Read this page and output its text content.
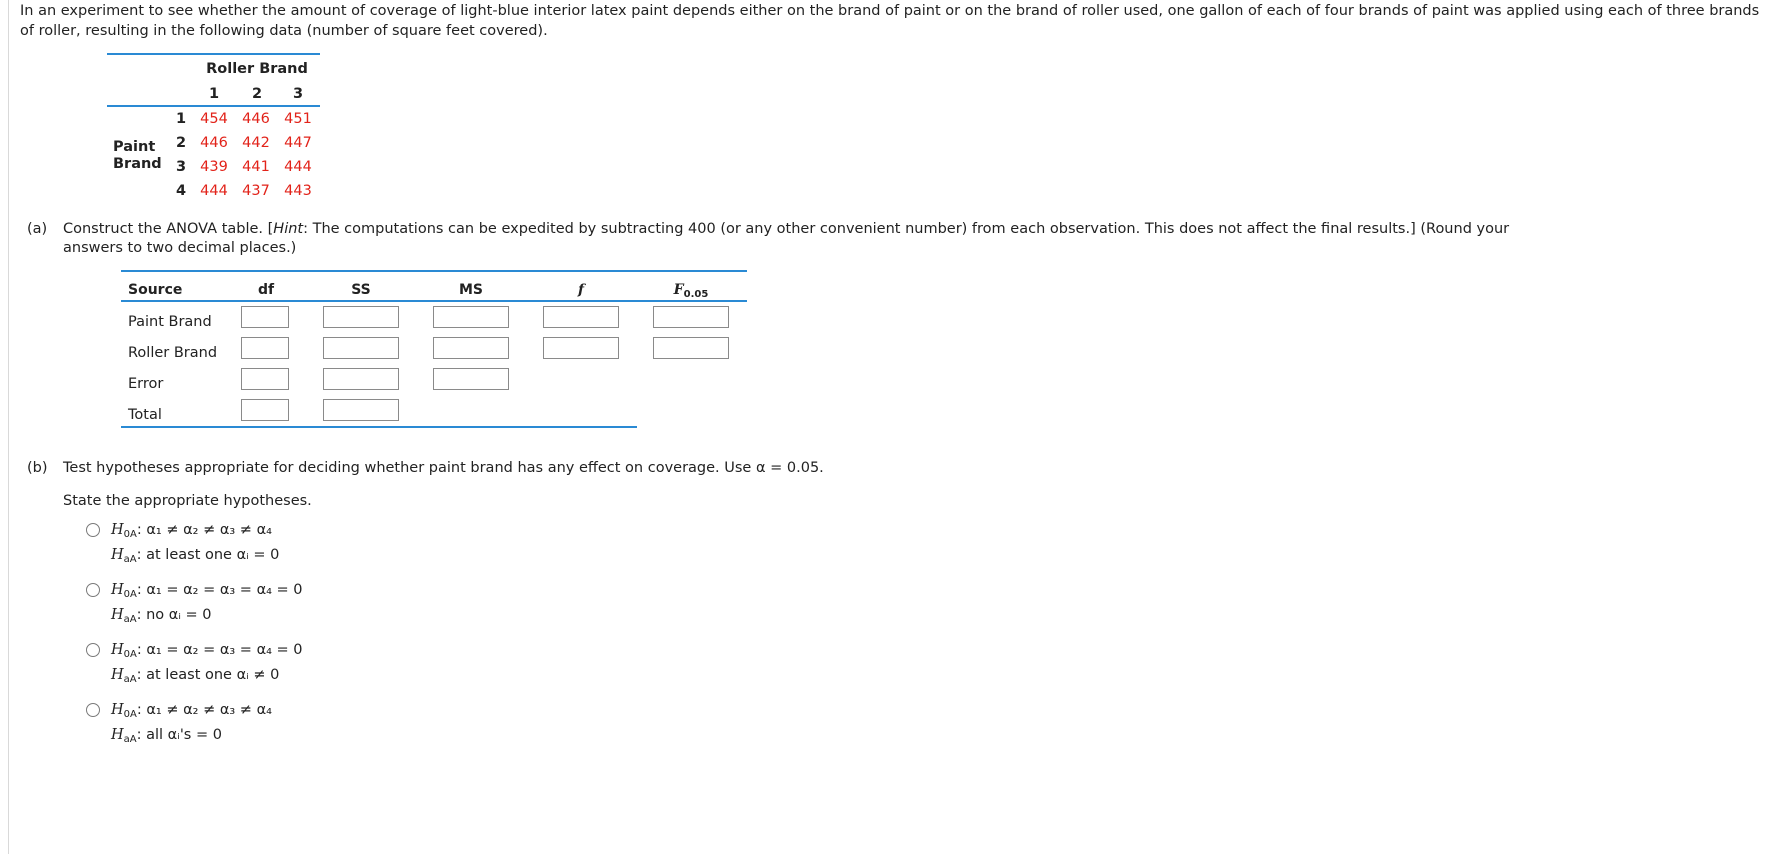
In an experiment to see whether the amount of coverage of light-blue interior latex paint depends either on the brand of paint or on the brand of roller used, one gallon of each of four brands of paint was applied using each of three brands of roller, resulting in the following data (number of square feet covered).
Roller Brand
1	2	3
Paint
Brand
1 454 446 451
2 446 442 447
3 439 441 444
4 444 437 443
(a) Construct the ANOVA table. [Hint: The computations can be expedited by subtracting 400 (or any other convenient number) from each observation. This does not affect the final results.] (Round your
answers to two decimal places.)
Source	df	SS	MS	f	$F_{0.05}$
Paint Brand
Roller Brand
Error
Total
(b) Test hypotheses appropriate for deciding whether paint brand has any effect on coverage. Use α = 0.05.
State the appropriate hypotheses.
$H_{0A}$: α₁ ≠ α₂ ≠ α₃ ≠ α₄
$H_{aA}$: at least one αᵢ = 0
$H_{0A}$: α₁ = α₂ = α₃ = α₄ = 0
$H_{aA}$: no αᵢ = 0
$H_{0A}$: α₁ = α₂ = α₃ = α₄ = 0
$H_{aA}$: at least one αᵢ ≠ 0
$H_{0A}$: α₁ ≠ α₂ ≠ α₃ ≠ α₄
$H_{aA}$: all αᵢ's = 0
